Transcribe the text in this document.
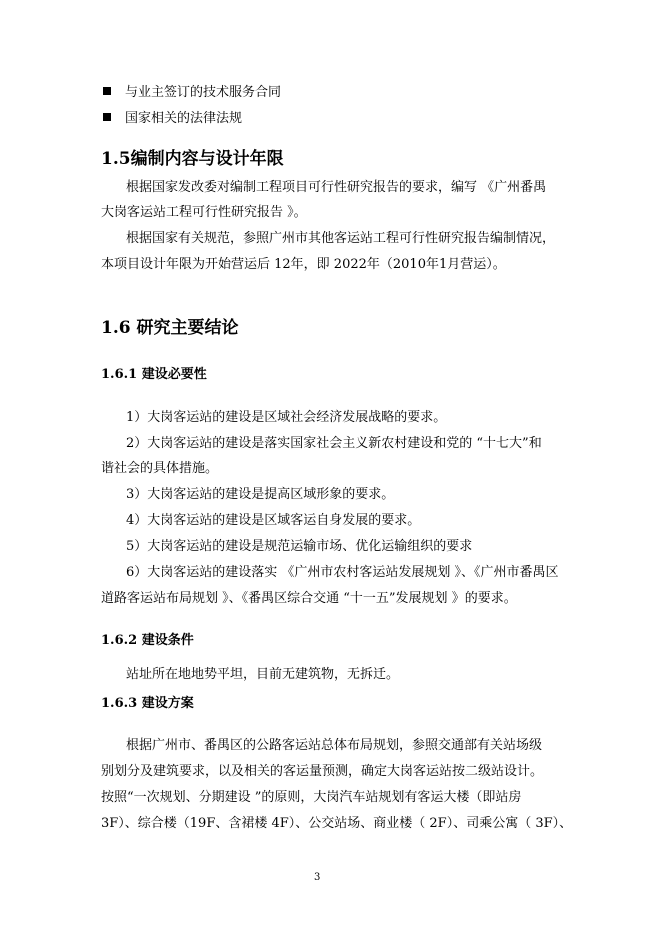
与业主签订的技术服务合同
国家相关的法律法规
1.5编制内容与设计年限
根据国家发改委对编制工程项目可行性研究报告的要求，编写 《广州番禺
大岗客运站工程可行性研究报告 》。
根据国家有关规范，参照广州市其他客运站工程可行性研究报告编制情况，
本项目设计年限为开始营运后 12年，即 2022年（2010年1月营运）。
1.6 研究主要结论
1.6.1 建设必要性
1）大岗客运站的建设是区域社会经济发展战略的要求。
2）大岗客运站的建设是落实国家社会主义新农村建设和党的 “十七大”和
谐社会的具体措施。
3）大岗客运站的建设是提高区域形象的要求。
4）大岗客运站的建设是区域客运自身发展的要求。
5）大岗客运站的建设是规范运输市场、优化运输组织的要求
6）大岗客运站的建设落实 《广州市农村客运站发展规划 》、《广州市番禺区
道路客运站布局规划 》、《番禺区综合交通 “十一五”发展规划 》的要求。
1.6.2 建设条件
站址所在地地势平坦，目前无建筑物，无拆迁。
1.6.3 建设方案
根据广州市、番禺区的公路客运站总体布局规划，参照交通部有关站场级
别划分及建筑要求，以及相关的客运量预测，确定大岗客运站按二级站设计。
按照“一次规划、分期建设 ”的原则，大岗汽车站规划有客运大楼（即站房
3F）、综合楼（19F、含裙楼 4F）、公交站场、商业楼（ 2F）、司乘公寓（ 3F）、
3
